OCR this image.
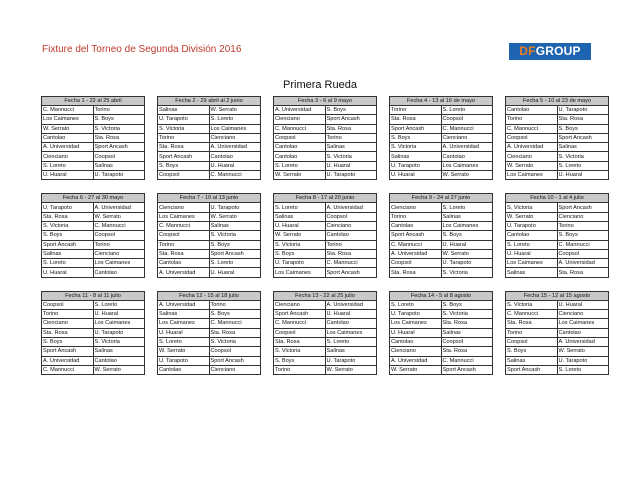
Fixture del Torneo de Segunda División 2016	DFGROUP
Primera Rueda
Fecha 1 - 22 al 25 abril	
C. Mannucci	Torino
Los Caimanes	S. Boys
W. Serrato	S. Victoria
Cantolao	Sta. Rosa
A. Universidad	Sport Ancash
Cienciano	Coopsol
S. Loreto	Salinas
U. Huaral	U. Tarapoto
Fecha 2 - 29 abril al 2 junio	
Salinas	W. Serrato
U. Tarapoto	S. Loreto
S. Victoria	Los Caimanes
Torino	Cienciano
Sta. Rosa	A. Universidad
Sport Ancash	Cantolao
S. Boys	U. Huaral
Coopsol	C. Mannucci
Fecha 3 - 6 al 9 mayo	
A. Universidad	S. Boys
Cienciano	Sport Ancash
C. Mannucci	Sta. Rosa
Coopsol	Torino
Cantolao	Salinas
Cantolao	S. Victoria
S. Loreto	U. Huaral
W. Serrato	U. Tarapoto
Fecha 4 - 13 al 16 de mayo	
Torino	S. Loreto
Sta. Rosa	Coopsol
Sport Ancash	C. Mannucci
S. Boys	Cienciano
S. Victoria	A. Universidad
Salinas	Cantolao
U. Tarapoto	Los Caimanes
U. Huaral	W. Serrato
Fecha 5 - 10 al 23 de mayo	
Cantolao	U. Tarapoto
Torino	Sta. Rosa
C. Mannucci	S. Boys
Coopsol	Sport Ancash
A. Universidad	Salinas
Cienciano	S. Victoria
W. Serrato	S. Loreto
Los Caimanes	U. Huaral
Fecha 6 - 27 al 30 mayo	
U. Tarapoto	A. Universidad
Sta. Rosa	W. Serrato
S. Victoria	C. Mannucci
S. Boys	Coopsol
Sport Ancash	Torino
Salinas	Cienciano
S. Loreto	Los Caimanes
U. Huaral	Cantolao
Fecha 7 - 10 al 13 junio	
Cienciano	U. Tarapoto
Los Caimanes	W. Serrato
C. Mannucci	Salinas
Coopsol	S. Victoria
Torino	S. Boys
Sta. Rosa	Sport Ancash
Cantolao	S. Loreto
A. Universidad	U. Huaral
Fecha 8 - 17 al 20 junio	
S. Loreto	A. Universidad
Salinas	Coopsol
U. Huaral	Cienciano
W. Serrato	Cantolao
S. Victoria	Torino
S. Boys	Sta. Rosa
U. Tarapoto	C. Mannucci
Los Caimanes	Sport Ancash
Fecha 9 - 24 al 27 junio	
Cienciano	S. Loreto
Torino	Salinas
Cantolao	Los Caimanes
Sport Ancash	S. Boys
C. Mannucci	U. Huaral
A. Universidad	W. Serrato
Coopsol	U. Tarapoto
Sta. Rosa	S. Victoria
Fecha 10 - 1 al 4 julio	
S. Victoria	Sport Ancash
W. Serrato	Cienciano
U. Tarapoto	Torino
Cantolao	S. Boys
S. Loreto	C. Mannucci
U. Huaral	Coopsol
Los Caimanes	A. Universidad
Salinas	Sta. Rosa
Fecha 11 - 8 al 11 julio	
Coopsol	S. Loreto
Torino	U. Huaral
Cienciano	Los Caimanes
Sta. Rosa	U. Tarapoto
S. Boys	S. Victoria
Sport Ancash	Salinas
A. Universidad	Cantolao
C. Mannucci	W. Serrato
Fecha 12 - 15 al 18 julio	
A. Universidad	Torino
Salinas	S. Boys
Los Caimanes	C. Mannucci
U. Huaral	Sta. Rosa
S. Loreto	S. Victoria
W. Serrato	Coopsol
U. Tarapoto	Sport Ancash
Cantolao	Cienciano
Fecha 13 - 22 al 25 julio	
Cienciano	A. Universidad
Sport Ancash	U. Huaral
C. Mannucci	Cantolao
Coopsol	Los Caimanes
Sta. Rosa	S. Loreto
S. Victoria	Salinas
S. Boys	U. Tarapoto
Torino	W. Serrato
Fecha 14 - 5 al 8 agosto	
S. Loreto	S. Boys
U. Tarapoto	S. Victoria
Los Caimanes	Sta. Rosa
U. Huaral	Salinas
Cantolao	Coopsol
Cienciano	Sta. Rosa
A. Universidad	C. Mannucci
W. Serrato	Sport Ancash
Fecha 15 - 12 al 15 agosto	
S. Victoria	U. Huaral
C. Mannucci	Cienciano
Sta. Rosa	Los Caimanes
Torino	Cantolao
Coopsol	A. Universidad
S. Boys	W. Serrato
Salinas	U. Tarapoto
Sport Ancash	S. Loreto
